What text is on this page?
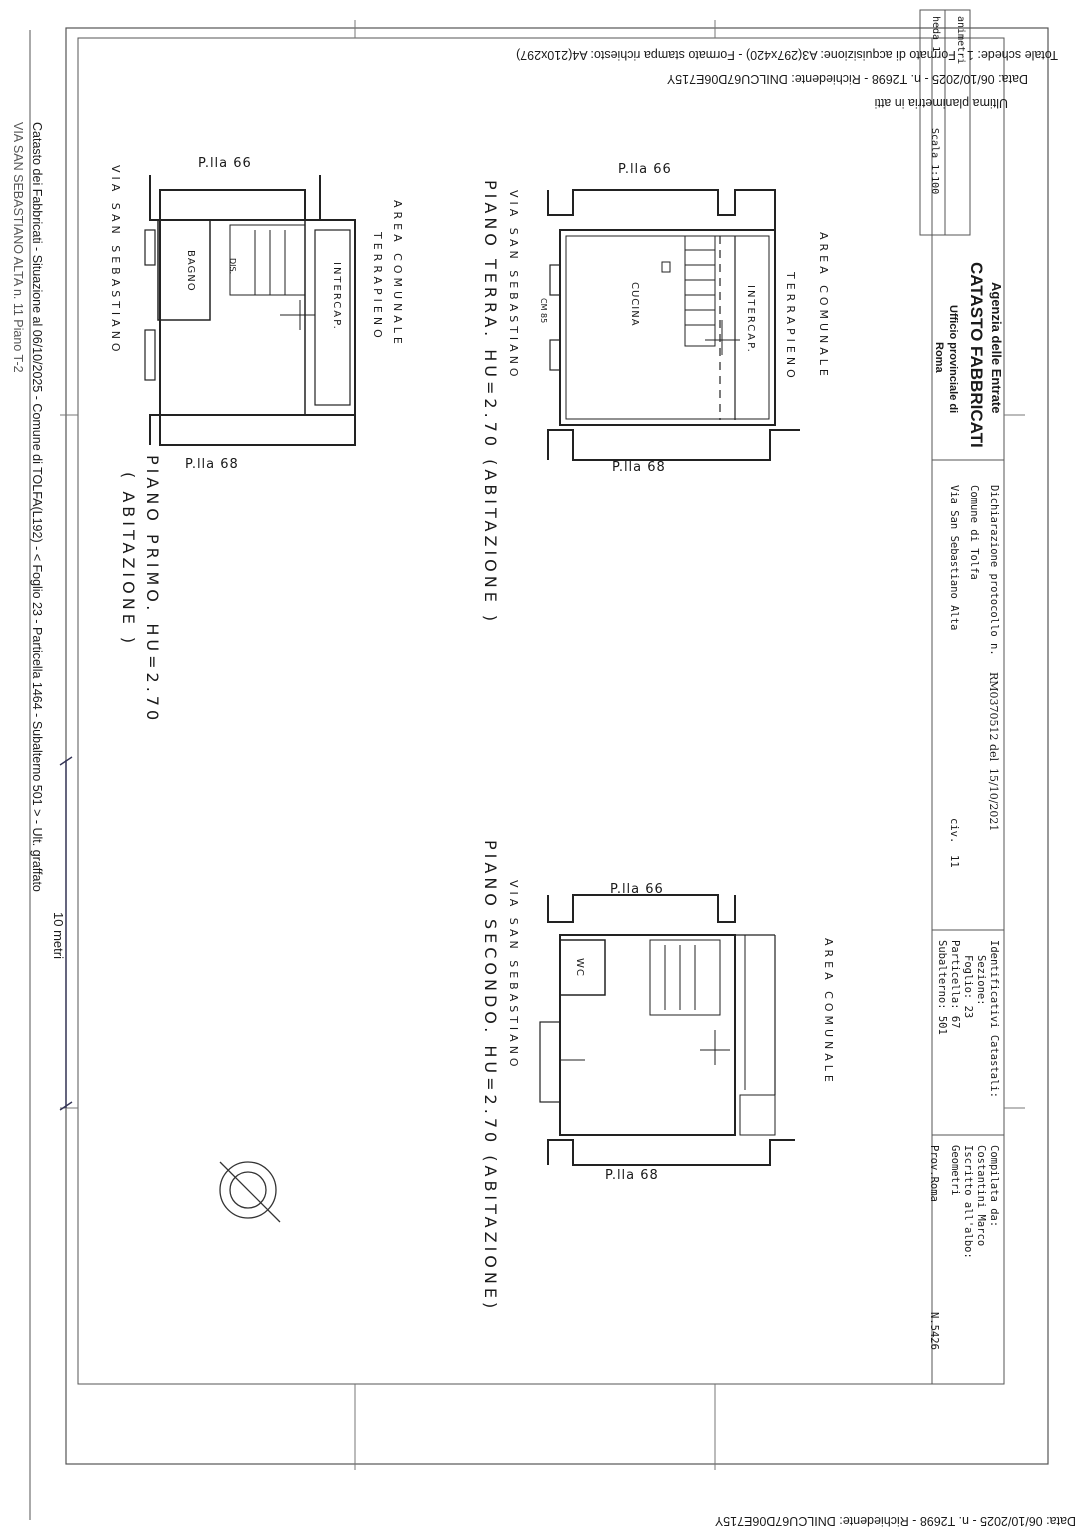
Data: 06/10/2025 - n. T2698 - Richiedente: DNILCU67D06E715Y
Totale schede: 1 - Formato di acquisizione: A3(297x420) - Formato stampa richiesto: A4(210x297)
Ultima planimetria in atti
Data: 06/10/2025 - n. T2698 - Richiedente: DNILCU67D06E715Y
Catasto dei Fabbricati - Situazione al 06/10/2025 - Comune di TOLFA(L192) - < Foglio 23 - Particella 1464 - Subalterno 501 > - Ult. graffato
VIA SAN SEBASTIANO ALTA n. 11 Piano T-2
10 metri
heda 1 animetri
Scala 1:100
Agenzia delle Entrate
CATASTO FABBRICATI
Ufficio provinciale di
Roma
Dichiarazione protocollo n.
RM0370512 del
15/10/2021
Comune di Tolfa
Via San Sebastiano Alta
civ.
11
Identificativi Catastali:
Sezione:
Foglio: 23
Particella: 67
Subalterno: 501
Compilata da:
Costantini Marco
Iscritto all'albo:
Geometri
Prov.Roma
N.5426
PIANO TERRA. HU=2.70 (ABITAZIONE ) VIA SAN SEBASTIANO	AREA COMUNALE
TERRAPIENO
P.lla 66
P.lla 68
CUCINA	INTERCAP.
CM 85
PIANO PRIMO. HU=2.70
( ABITAZIONE )
VIA SAN SEBASTIANO	AREA COMUNALE
TERRAPIENO
P.lla 66
P.lla 68
BAGNO	DIS.	INTERCAP.
PIANO SECONDO. HU=2.70 (ABITAZIONE) VIA SAN SEBASTIANO	AREA COMUNALE
P.lla 66
P.lla 68
WC
